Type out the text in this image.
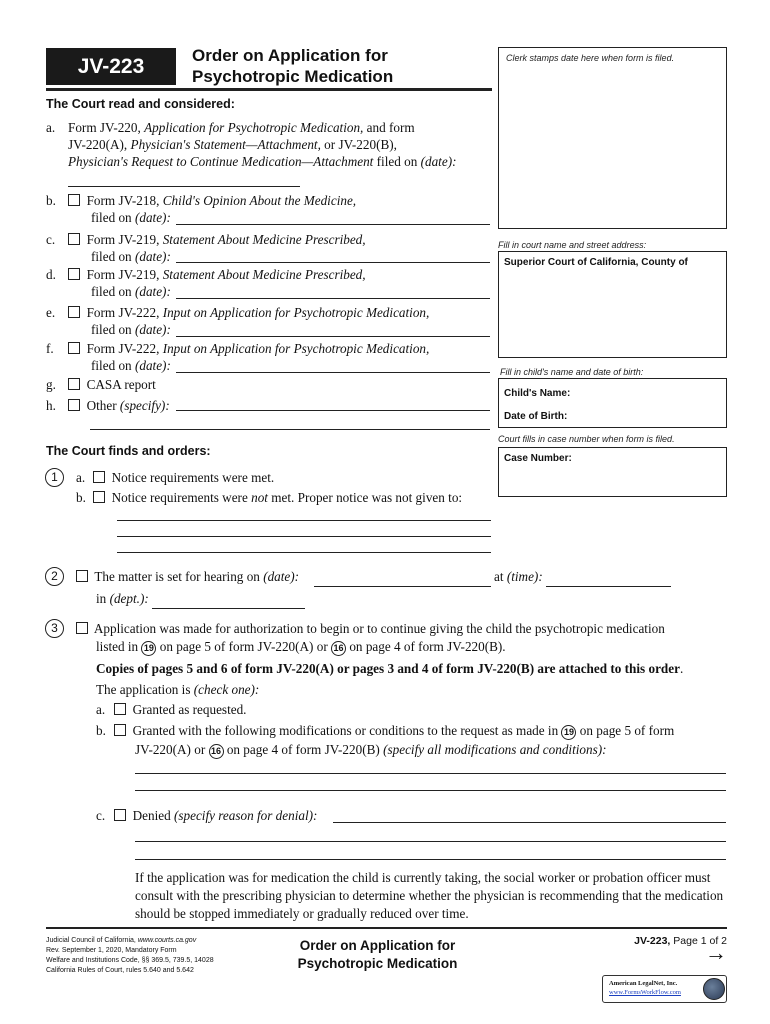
JV-223	Order on Application for
Psychotropic Medication
Clerk stamps date here when form is filed.
Fill in court name and street address:
Superior Court of California, County of
Fill in child's name and date of birth:
Child's Name:
Date of Birth:
Court fills in case number when form is filed.
Case Number:
The Court read and considered:
a. Form JV-220, Application for Psychotropic Medication, and form
JV-220(A), Physician's Statement—Attachment, or JV-220(B),
Physician's Request to Continue Medication—Attachment filed on (date):
b.	Form JV-218, Child's Opinion About the Medicine,
filed on (date):
c.	Form JV-219, Statement About Medicine Prescribed,
filed on (date):
d.	Form JV-219, Statement About Medicine Prescribed,
filed on (date):
e.	Form JV-222, Input on Application for Psychotropic Medication,
filed on (date):
f.	Form JV-222, Input on Application for Psychotropic Medication,
filed on (date):
g.	CASA report
h.	Other (specify):
The Court finds and orders:
1	a.	Notice requirements were met.
b.	Notice requirements were not met. Proper notice was not given to:
2	The matter is set for hearing on (date):	at (time):
in (dept.):
3	Application was made for authorization to begin or to continue giving the child the psychotropic medication
listed in 19 on page 5 of form JV-220(A) or 16 on page 4 of form JV-220(B).
Copies of pages 5 and 6 of form JV-220(A) or pages 3 and 4 of form JV-220(B) are attached to this order.
The application is (check one):
a.	Granted as requested.
b.	Granted with the following modifications or conditions to the request as made in 19 on page 5 of form
JV-220(A) or 16 on page 4 of form JV-220(B) (specify all modifications and conditions):
c.	Denied (specify reason for denial):
If the application was for medication the child is currently taking, the social worker or probation officer must consult with the prescribing physician to determine whether the physician is recommending that the medication should be stopped immediately or gradually reduced over time.
Judicial Council of California, www.courts.ca.gov
Rev. September 1, 2020, Mandatory Form
Welfare and Institutions Code, §§ 369.5, 739.5, 14028
California Rules of Court, rules 5.640 and 5.642
Order on Application for
Psychotropic Medication
JV-223, Page 1 of 2
→
American LegalNet, Inc.
www.FormsWorkFlow.com
